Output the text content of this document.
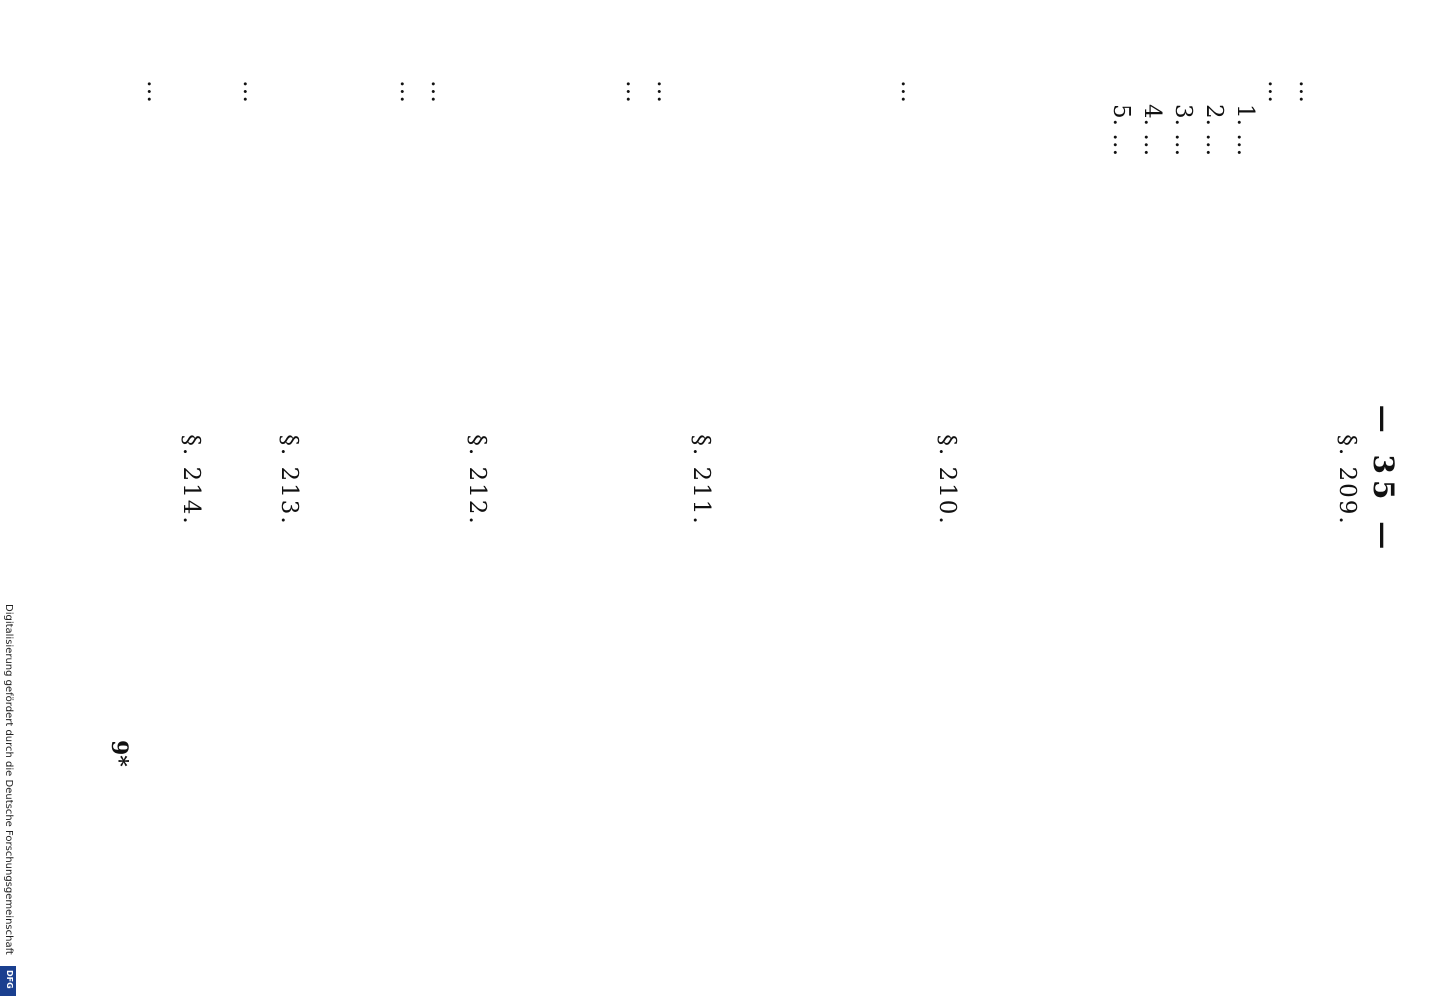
— 35 —
§. 209.
…
…
1. …
2. …
3. …
4. …
5. …
§. 210.
…
§. 211.
…
…
§. 212.
…
…
§. 213.
…
§. 214.
…
9*
Digitalisierung gefördert durch die Deutsche Forschungsgemeinschaft
DFG
